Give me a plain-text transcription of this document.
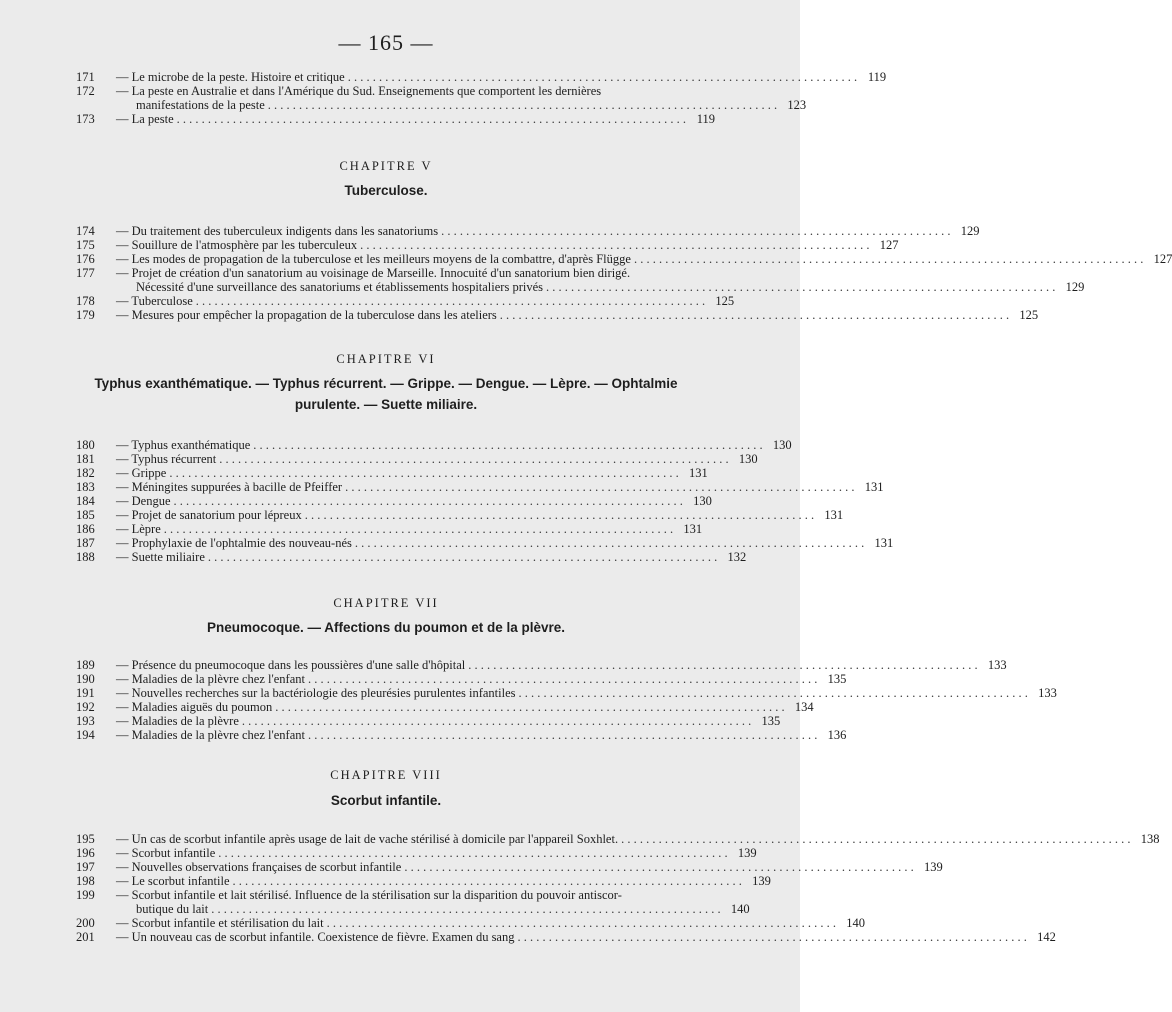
— 165 —
171	— Le microbe de la peste. Histoire et critique . . .	119
172	— La peste en Australie et dans l'Amérique du Sud. Enseignements que comportent les dernières
manifestations de la peste . . .	123
173	— La peste . . .	119
CHAPITRE V
Tuberculose.
174	— Du traitement des tuberculeux indigents dans les sanatoriums . . .	129
175	— Souillure de l'atmosphère par les tuberculeux . . .	127
176	— Les modes de propagation de la tuberculose et les meilleurs moyens de la combattre, d'après Flügge . . .	127
177	— Projet de création d'un sanatorium au voisinage de Marseille. Innocuité d'un sanatorium bien dirigé.
Nécessité d'une surveillance des sanatoriums et établissements hospitaliers privés . . .	129
178	— Tuberculose . . .	125
179	— Mesures pour empêcher la propagation de la tuberculose dans les ateliers . . .	125
CHAPITRE VI
Typhus exanthématique. — Typhus récurrent. — Grippe. — Dengue. — Lèpre. — Ophtalmie
purulente. — Suette miliaire.
180	— Typhus exanthématique . . .	130
181	— Typhus récurrent . . .	130
182	— Grippe . . .	131
183	— Méningites suppurées à bacille de Pfeiffer . . .	131
184	— Dengue . . .	130
185	— Projet de sanatorium pour lépreux . . .	131
186	— Lèpre . . .	131
187	— Prophylaxie de l'ophtalmie des nouveau-nés . . .	131
188	— Suette miliaire . . .	132
CHAPITRE VII
Pneumocoque. — Affections du poumon et de la plèvre.
189	— Présence du pneumocoque dans les poussières d'une salle d'hôpital . . .	133
190	— Maladies de la plèvre chez l'enfant . . .	135
191	— Nouvelles recherches sur la bactériologie des pleurésies purulentes infantiles . . .	133
192	— Maladies aiguës du poumon . . .	134
193	— Maladies de la plèvre . . .	135
194	— Maladies de la plèvre chez l'enfant . . .	136
CHAPITRE VIII
Scorbut infantile.
195	— Un cas de scorbut infantile après usage de lait de vache stérilisé à domicile par l'appareil Soxhlet. . . .	138
196	— Scorbut infantile . . .	139
197	— Nouvelles observations françaises de scorbut infantile . . .	139
198	— Le scorbut infantile . . .	139
199	— Scorbut infantile et lait stérilisé. Influence de la stérilisation sur la disparition du pouvoir antiscor-
butique du lait . . .	140
200	— Scorbut infantile et stérilisation du lait . . .	140
201	— Un nouveau cas de scorbut infantile. Coexistence de fièvre. Examen du sang . . .	142
